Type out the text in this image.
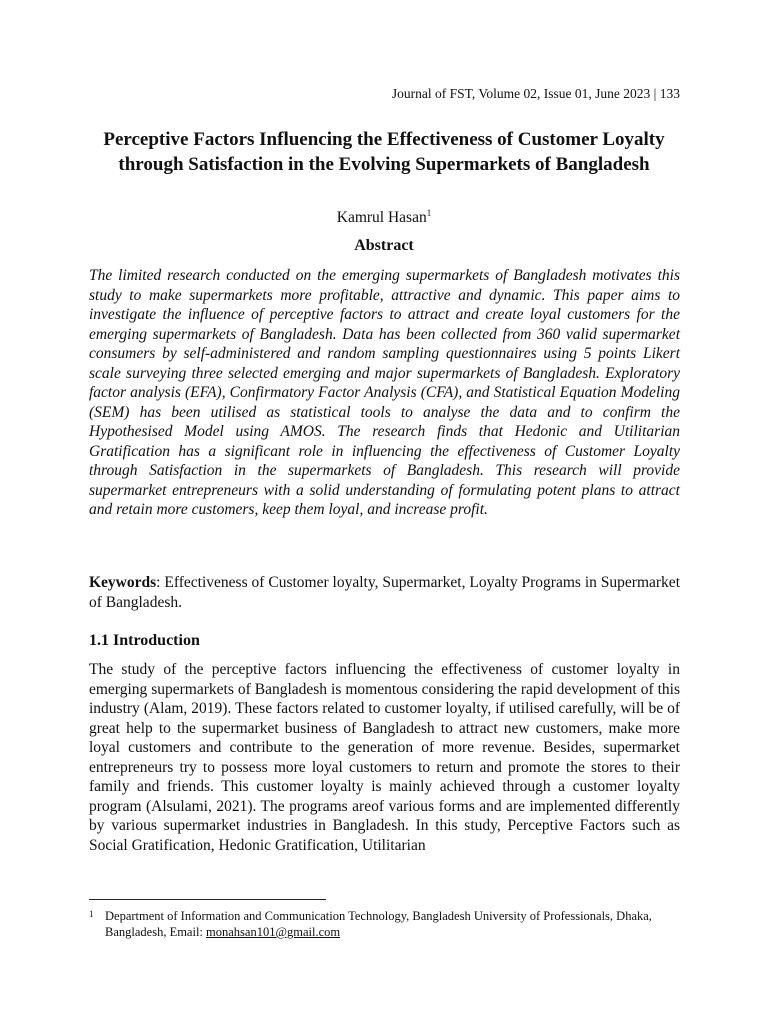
Journal of FST, Volume 02, Issue 01, June 2023 | 133
Perceptive Factors Influencing the Effectiveness of Customer Loyalty through Satisfaction in the Evolving Supermarkets of Bangladesh
Kamrul Hasan$^1$
Abstract
The limited research conducted on the emerging supermarkets of Bangladesh motivates this study to make supermarkets more profitable, attractive and dynamic. This paper aims to investigate the influence of perceptive factors to attract and create loyal customers for the emerging supermarkets of Bangladesh. Data has been collected from 360 valid supermarket consumers by self-administered and random sampling questionnaires using 5 points Likert scale surveying three selected emerging and major supermarkets of Bangladesh. Exploratory factor analysis (EFA), Confirmatory Factor Analysis (CFA), and Statistical Equation Modeling (SEM) has been utilised as statistical tools to analyse the data and to confirm the Hypothesised Model using AMOS. The research finds that Hedonic and Utilitarian Gratification has a significant role in influencing the effectiveness of Customer Loyalty through Satisfaction in the supermarkets of Bangladesh. This research will provide supermarket entrepreneurs with a solid understanding of formulating potent plans to attract and retain more customers, keep them loyal, and increase profit.
Keywords: Effectiveness of Customer loyalty, Supermarket, Loyalty Programs in Supermarket of Bangladesh.
1.1 Introduction
The study of the perceptive factors influencing the effectiveness of customer loyalty in emerging supermarkets of Bangladesh is momentous considering the rapid development of this industry (Alam, 2019). These factors related to customer loyalty, if utilised carefully, will be of great help to the supermarket business of Bangladesh to attract new customers, make more loyal customers and contribute to the generation of more revenue. Besides, supermarket entrepreneurs try to possess more loyal customers to return and promote the stores to their family and friends. This customer loyalty is mainly achieved through a customer loyalty program (Alsulami, 2021). The programs areof various forms and are implemented differently by various supermarket industries in Bangladesh. In this study, Perceptive Factors such as Social Gratification, Hedonic Gratification, Utilitarian
1 Department of Information and Communication Technology, Bangladesh University of Professionals, Dhaka, Bangladesh, Email: monahsan101@gmail.com
